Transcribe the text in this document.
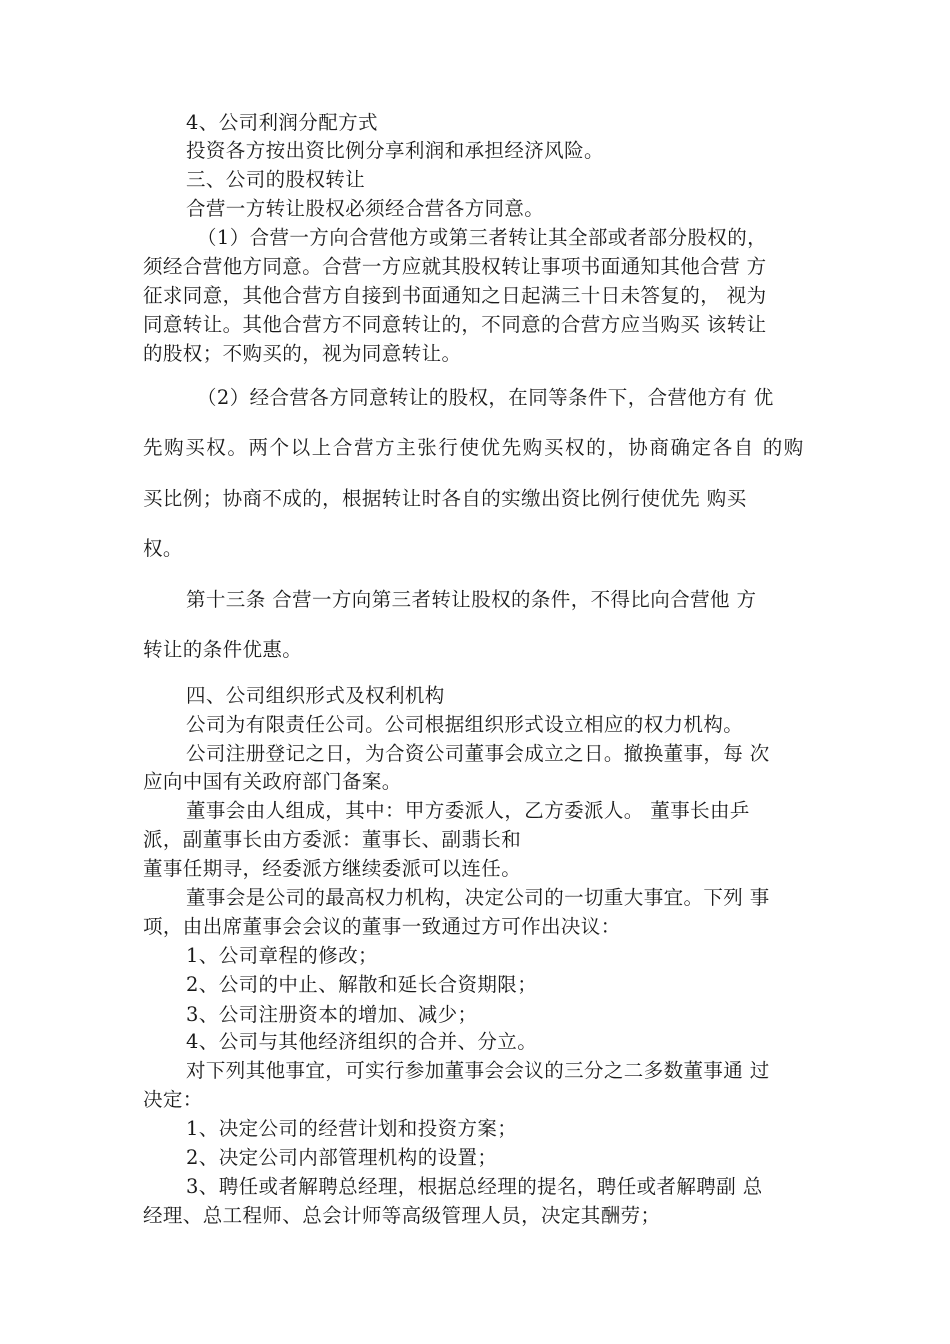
4、公司利润分配方式
投资各方按出资比例分享利润和承担经济风险。
三、公司的股权转让
合营一方转让股权必须经合营各方同意。
（1）合营一方向合营他方或第三者转让其全部或者部分股权的，
须经合营他方同意。合营一方应就其股权转让事项书面通知其他合营 方
征求同意，其他合营方自接到书面通知之日起满三十日未答复的， 视为
同意转让。其他合营方不同意转让的，不同意的合营方应当购买 该转让
的股权；不购买的，视为同意转让。
（2）经合营各方同意转让的股权，在同等条件下，合营他方有 优
先购买权。两个以上合营方主张行使优先购买权的，协商确定各自 的购
买比例；协商不成的，根据转让时各自的实缴出资比例行使优先 购买
权。
第十三条 合营一方向第三者转让股权的条件，不得比向合营他 方
转让的条件优惠。
四、公司组织形式及权利机构
公司为有限责任公司。公司根据组织形式设立相应的权力机构。
公司注册登记之日，为合资公司董事会成立之日。撤换董事，每 次
应向中国有关政府部门备案。
董事会由人组成，其中：甲方委派人，乙方委派人。 董事长由乒
派，副董事长由方委派：董事长、副翡长和
董事任期寻，经委派方继续委派可以连任。
董事会是公司的最高权力机构，决定公司的一切重大事宜。下列 事
项，由出席董事会会议的董事一致通过方可作出决议：
1、公司章程的修改；
2、公司的中止、解散和延长合资期限；
3、公司注册资本的增加、减少；
4、公司与其他经济组织的合并、分立。
对下列其他事宜，可实行参加董事会会议的三分之二多数董事通 过
决定：
1、决定公司的经营计划和投资方案；
2、决定公司内部管理机构的设置；
3、聘任或者解聘总经理，根据总经理的提名，聘任或者解聘副 总
经理、总工程师、总会计师等高级管理人员，决定其酬劳；
